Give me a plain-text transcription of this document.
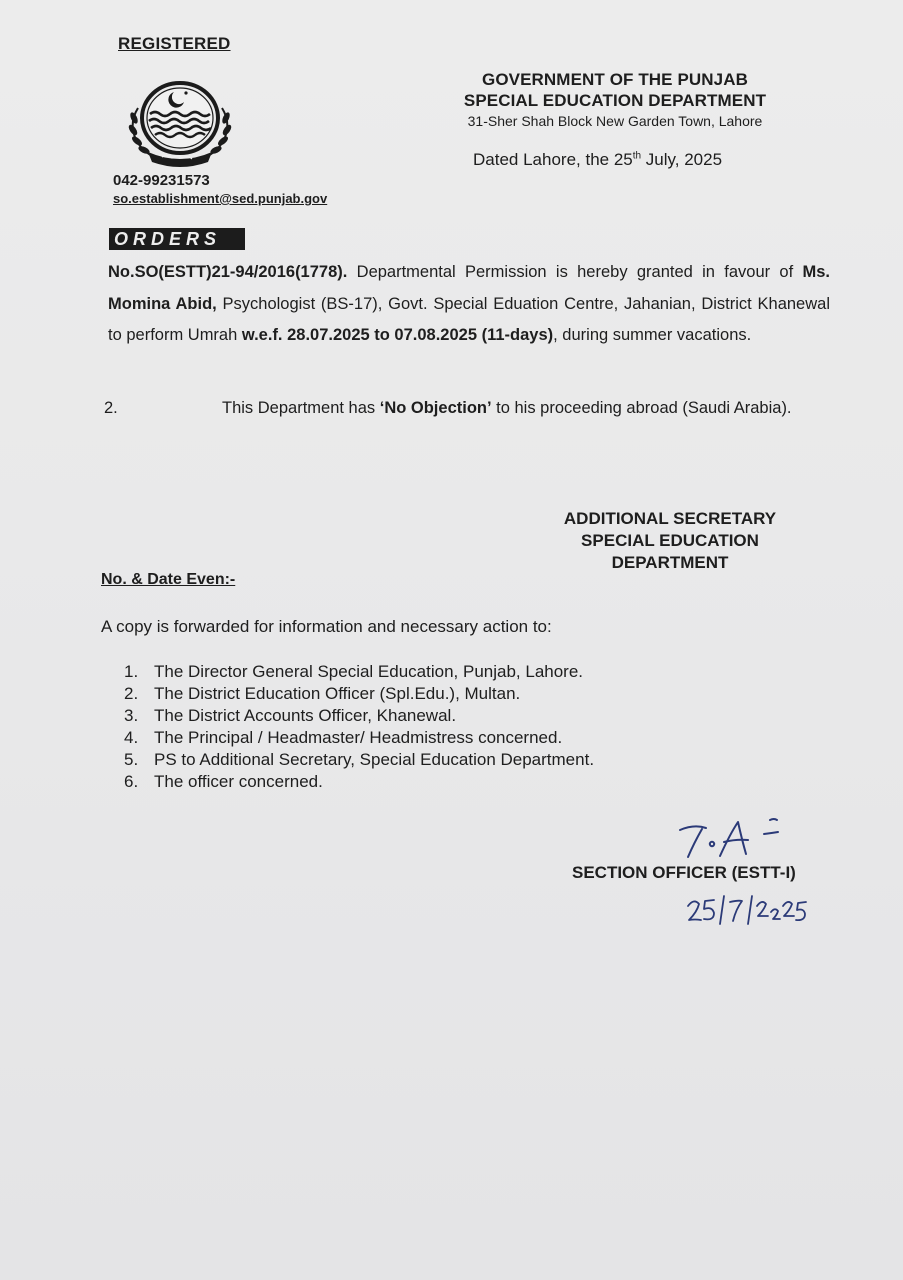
REGISTERED
042-99231573
so.establishment@sed.punjab.gov
GOVERNMENT OF THE PUNJAB
SPECIAL EDUCATION DEPARTMENT
31-Sher Shah Block New Garden Town, Lahore
Dated Lahore, the 25th July, 2025
ORDERS
No.SO(ESTT)21-94/2016(1778). Departmental Permission is hereby granted in favour of Ms. Momina Abid, Psychologist (BS-17), Govt. Special Eduation Centre, Jahanian, District Khanewal to perform Umrah w.e.f. 28.07.2025 to 07.08.2025 (11-days), during summer vacations.
2.	This Department has ‘No Objection’ to his proceeding abroad (Saudi Arabia).
ADDITIONAL SECRETARY
SPECIAL EDUCATION
DEPARTMENT
No. & Date Even:-
A copy is forwarded for information and necessary action to:
1. The Director General Special Education, Punjab, Lahore.
2. The District Education Officer (Spl.Edu.), Multan.
3. The District Accounts Officer, Khanewal.
4. The Principal / Headmaster/ Headmistress concerned.
5. PS to Additional Secretary, Special Education Department.
6. The officer concerned.
SECTION OFFICER (ESTT-I)
